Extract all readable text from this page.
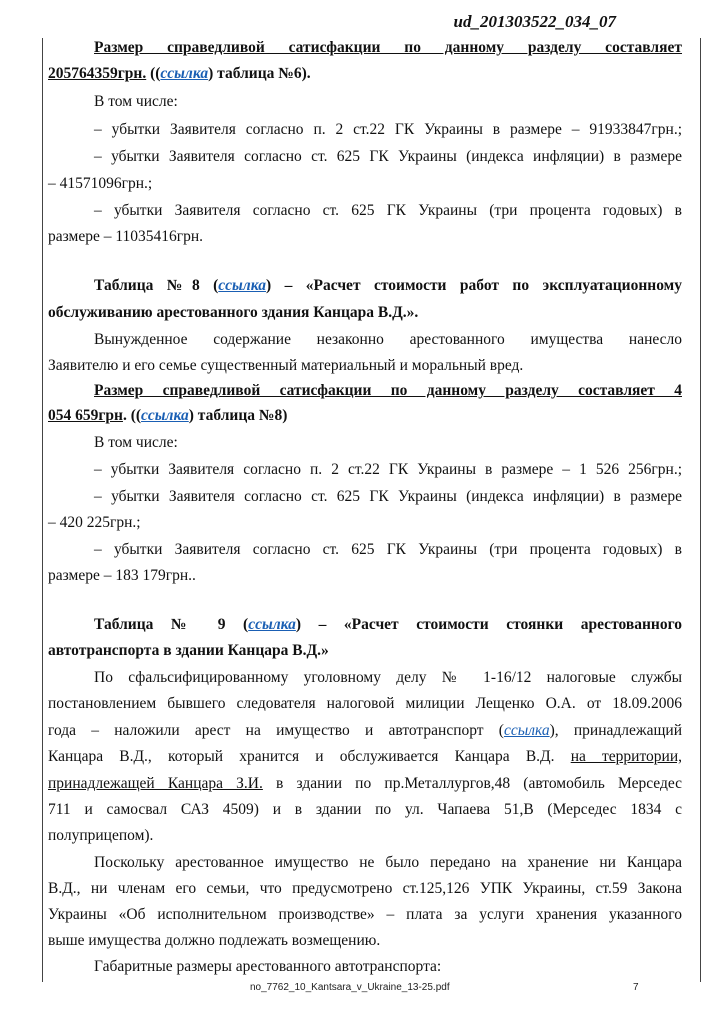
ud_201303522_034_07
Размер справедливой сатисфакции по данному разделу составляет
205764359грн. ((ссылка) таблица №6).
В том числе:
– убытки Заявителя согласно п. 2 ст.22 ГК Украины в размере – 91933847грн.;
– убытки Заявителя согласно ст. 625 ГК Украины (индекса инфляции) в размере
– 41571096грн.;
– убытки Заявителя согласно ст. 625 ГК Украины (три процента годовых) в
размере – 11035416грн.
Таблица №8 (ссылка) – «Расчет стоимости работ по эксплуатационному
обслуживанию арестованного здания Канцара В.Д.».
Вынужденное содержание незаконно арестованного имущества нанесло
Заявителю и его семье существенный материальный и моральный вред.
Размер справедливой сатисфакции по данному разделу составляет 4
054 659грн. ((ссылка) таблица №8)
В том числе:
– убытки Заявителя согласно п. 2 ст.22 ГК Украины в размере – 1 526 256грн.;
– убытки Заявителя согласно ст. 625 ГК Украины (индекса инфляции) в размере
– 420 225грн.;
– убытки Заявителя согласно ст. 625 ГК Украины (три процента годовых) в
размере – 183 179грн..
Таблица № 9 (ссылка) – «Расчет стоимости стоянки арестованного
автотранспорта в здании Канцара В.Д.»
По сфальсифицированному уголовному делу № 1-16/12 налоговые службы
постановлением бывшего следователя налоговой милиции Лещенко О.А. от 18.09.2006
года – наложили арест на имущество и автотранспорт (ссылка), принадлежащий
Канцара В.Д., который хранится и обслуживается Канцара В.Д. на территории,
принадлежащей Канцара З.И. в здании по пр.Металлургов,48 (автомобиль Мерседес
711 и самосвал САЗ 4509) и в здании по ул. Чапаева 51,В (Мерседес 1834 с
полуприцепом).
Поскольку арестованное имущество не было передано на хранение ни Канцара
В.Д., ни членам его семьи, что предусмотрено ст.125,126 УПК Украины, ст.59 Закона
Украины «Об исполнительном производстве» – плата за услуги хранения указанного
выше имущества должно подлежать возмещению.
Габаритные размеры арестованного автотранспорта:
no_7762_10_Kantsara_v_Ukraine_13-25.pdf	7
